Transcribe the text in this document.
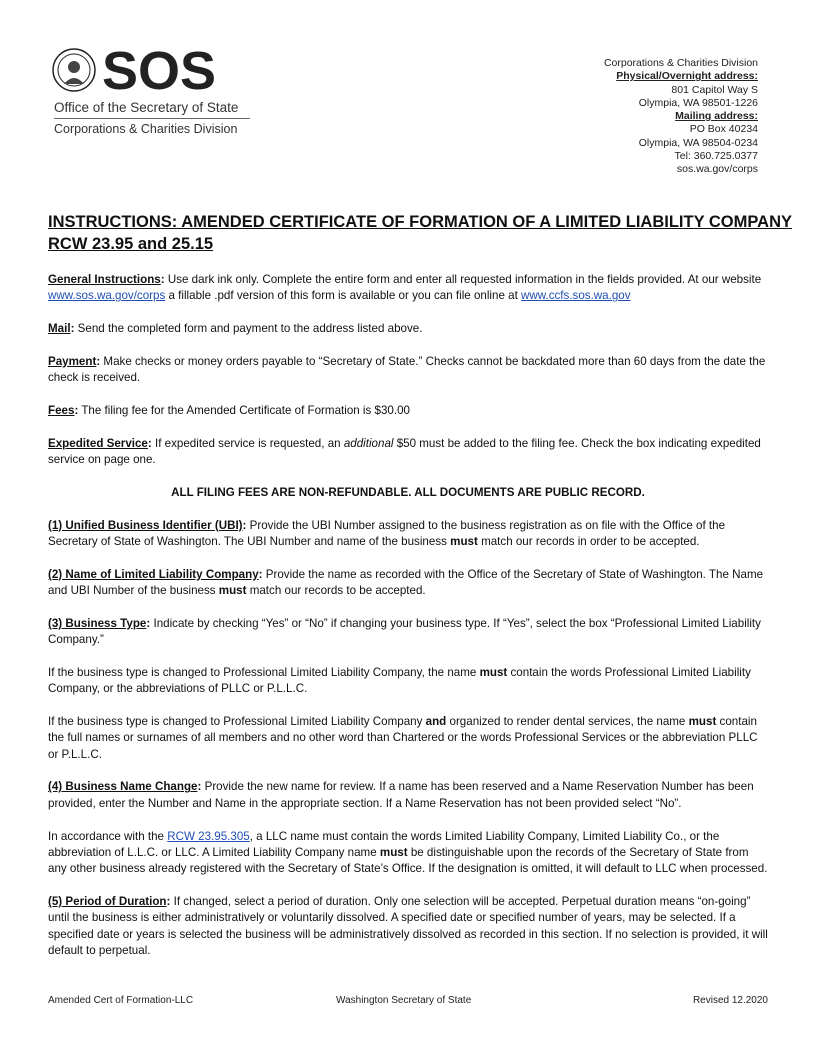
SOS
Office of the Secretary of State
Corporations & Charities Division
Corporations & Charities Division
Physical/Overnight address:
801 Capitol Way S
Olympia, WA 98501-1226
Mailing address:
PO Box 40234
Olympia, WA 98504-0234
Tel: 360.725.0377
sos.wa.gov/corps
INSTRUCTIONS: AMENDED CERTIFICATE OF FORMATION OF A LIMITED LIABILITY COMPANY
RCW 23.95 and 25.15

General Instructions: Use dark ink only. Complete the entire form and enter all requested information in the fields provided. At our website www.sos.wa.gov/corps a fillable .pdf version of this form is available or you can file online at www.ccfs.sos.wa.gov

Mail: Send the completed form and payment to the address listed above.

Payment: Make checks or money orders payable to “Secretary of State.” Checks cannot be backdated more than 60 days from the date the check is received.

Fees: The filing fee for the Amended Certificate of Formation is $30.00

Expedited Service: If expedited service is requested, an additional $50 must be added to the filing fee. Check the box indicating expedited service on page one.

ALL FILING FEES ARE NON-REFUNDABLE. ALL DOCUMENTS ARE PUBLIC RECORD.

(1) Unified Business Identifier (UBI): Provide the UBI Number assigned to the business registration as on file with the Office of the Secretary of State of Washington. The UBI Number and name of the business must match our records in order to be accepted.

(2) Name of Limited Liability Company: Provide the name as recorded with the Office of the Secretary of State of Washington. The Name and UBI Number of the business must match our records to be accepted.

(3) Business Type: Indicate by checking “Yes” or “No” if changing your business type. If “Yes”, select the box “Professional Limited Liability Company.”

If the business type is changed to Professional Limited Liability Company, the name must contain the words Professional Limited Liability Company, or the abbreviations of PLLC or P.L.L.C.

If the business type is changed to Professional Limited Liability Company and organized to render dental services, the name must contain the full names or surnames of all members and no other word than Chartered or the words Professional Services or the abbreviation PLLC or P.L.L.C.

(4) Business Name Change: Provide the new name for review. If a name has been reserved and a Name Reservation Number has been provided, enter the Number and Name in the appropriate section. If a Name Reservation has not been provided select “No”.

In accordance with the RCW 23.95.305, a LLC name must contain the words Limited Liability Company, Limited Liability Co., or the abbreviation of L.L.C. or LLC. A Limited Liability Company name must be distinguishable upon the records of the Secretary of State from any other business already registered with the Secretary of State’s Office. If the designation is omitted, it will default to LLC when processed.

(5) Period of Duration: If changed, select a period of duration. Only one selection will be accepted. Perpetual duration means “on-going” until the business is either administratively or voluntarily dissolved. A specified date or specified number of years, may be selected. If a specified date or years is selected the business will be administratively dissolved as recorded in this section. If no selection is provided, it will default to perpetual.

Amended Cert of Formation-LLC	Washington Secretary of State	Revised 12.2020
